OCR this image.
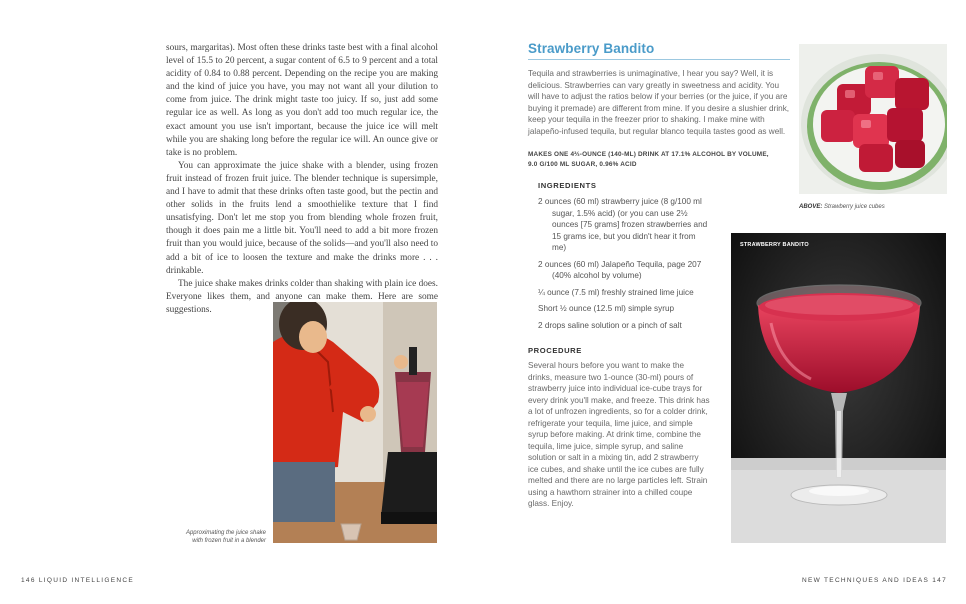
sours, margaritas). Most often these drinks taste best with a final alcohol level of 15.5 to 20 percent, a sugar content of 6.5 to 9 percent and a total acidity of 0.84 to 0.88 percent. Depending on the recipe you are making and the kind of juice you have, you may not want all your dilution to come from juice. The drink might taste too juicy. If so, just add some regular ice as well. As long as you don't add too much regular ice, the exact amount you use isn't important, because the juice ice will melt while you are shaking long before the regular ice will. An ounce give or take is no problem.

You can approximate the juice shake with a blender, using frozen fruit instead of frozen fruit juice. The blender technique is supersimple, and I have to admit that these drinks often taste good, but the pectin and other solids in the fruits lend a smoothielike texture that I find unsatisfying. Don't let me stop you from blending whole frozen fruit, though it does pain me a little bit. You'll need to add a bit more frozen fruit than you would juice, because of the solids—and you'll also need to add a bit of ice to loosen the texture and make the drinks more . . . drinkable.

The juice shake makes drinks colder than shaking with plain ice does. Everyone likes them, and anyone can make them. Here are some suggestions.

Approximating the juice shake
with frozen fruit in a blender
146 LIQUID INTELLIGENCE
Strawberry Bandito
Tequila and strawberries is unimaginative, I hear you say? Well, it is delicious. Strawberries can vary greatly in sweetness and acidity. You will have to adjust the ratios below if your berries (or the juice, if you are buying it premade) are different from mine. If you desire a slushier drink, keep your tequila in the freezer prior to shaking. I make mine with jalapeño-infused tequila, but regular blanco tequila tastes good as well.
MAKES ONE 4⅔-OUNCE (140-ML) DRINK AT 17.1% ALCOHOL BY VOLUME,
9.0 G/100 ML SUGAR, 0.96% ACID
INGREDIENTS
2 ounces (60 ml) strawberry juice (8 g/100 ml sugar, 1.5% acid) (or you can use 2½ ounces [75 grams] frozen strawberries and 15 grams ice, but you didn't hear it from me)
2 ounces (60 ml) Jalapeño Tequila, page 207 (40% alcohol by volume)
¼ ounce (7.5 ml) freshly strained lime juice
Short ½ ounce (12.5 ml) simple syrup
2 drops saline solution or a pinch of salt
PROCEDURE
Several hours before you want to make the drinks, measure two 1-ounce (30-ml) pours of strawberry juice into individual ice-cube trays for every drink you'll make, and freeze. This drink has a lot of unfrozen ingredients, so for a colder drink, refrigerate your tequila, lime juice, and simple syrup before making. At drink time, combine the tequila, lime juice, simple syrup, and saline solution or salt in a mixing tin, add 2 strawberry ice cubes, and shake until the ice cubes are fully melted and there are no large particles left. Strain using a hawthorn strainer into a chilled coupe glass. Enjoy.
ABOVE: Strawberry juice cubes
STRAWBERRY BANDITO
NEW TECHNIQUES AND IDEAS 147
